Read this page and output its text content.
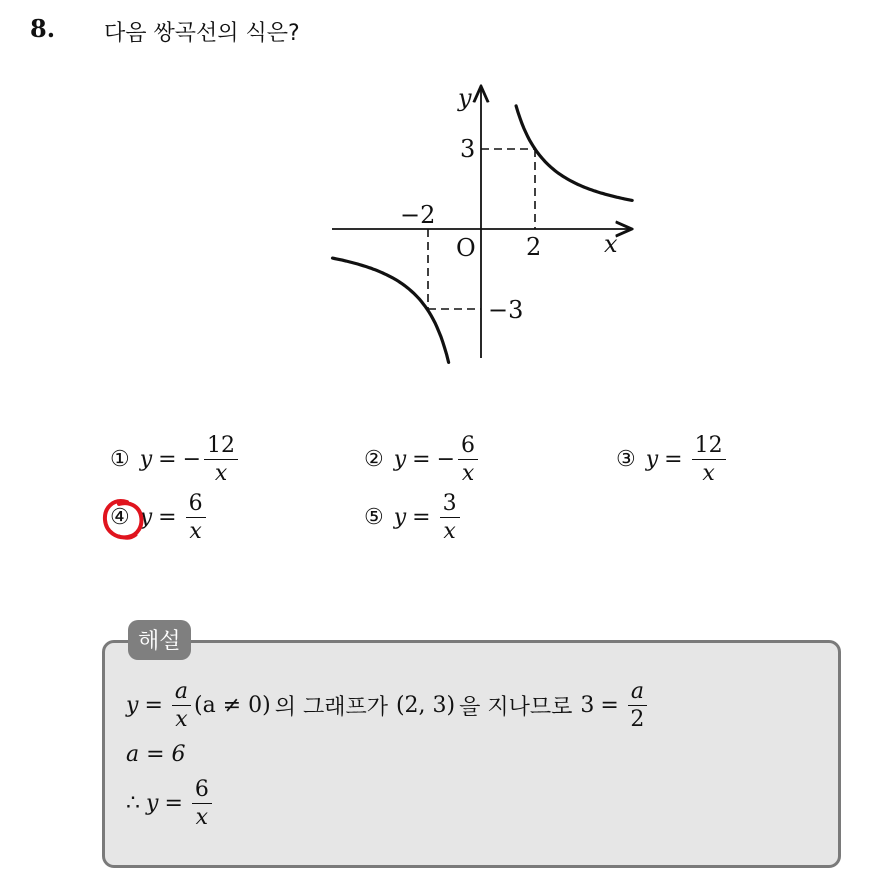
8. 다음 쌍곡선의 식은?
y
x
O
−2
2
3
−3
① y = − $\frac{12}{x}$	② y = − $\frac{6}{x}$	③ $y = \frac{12}{x}$
④ $y = \frac{6}{x}$	⑤ $y = \frac{3}{x}$
해설
$y = \frac{a}{x} (a \ne 0)$ 의 그래프가 (2, 3) 을 지나므로 $3 = \frac{a}{2}$
a = 6
∴ $y = \frac{6}{x}$
